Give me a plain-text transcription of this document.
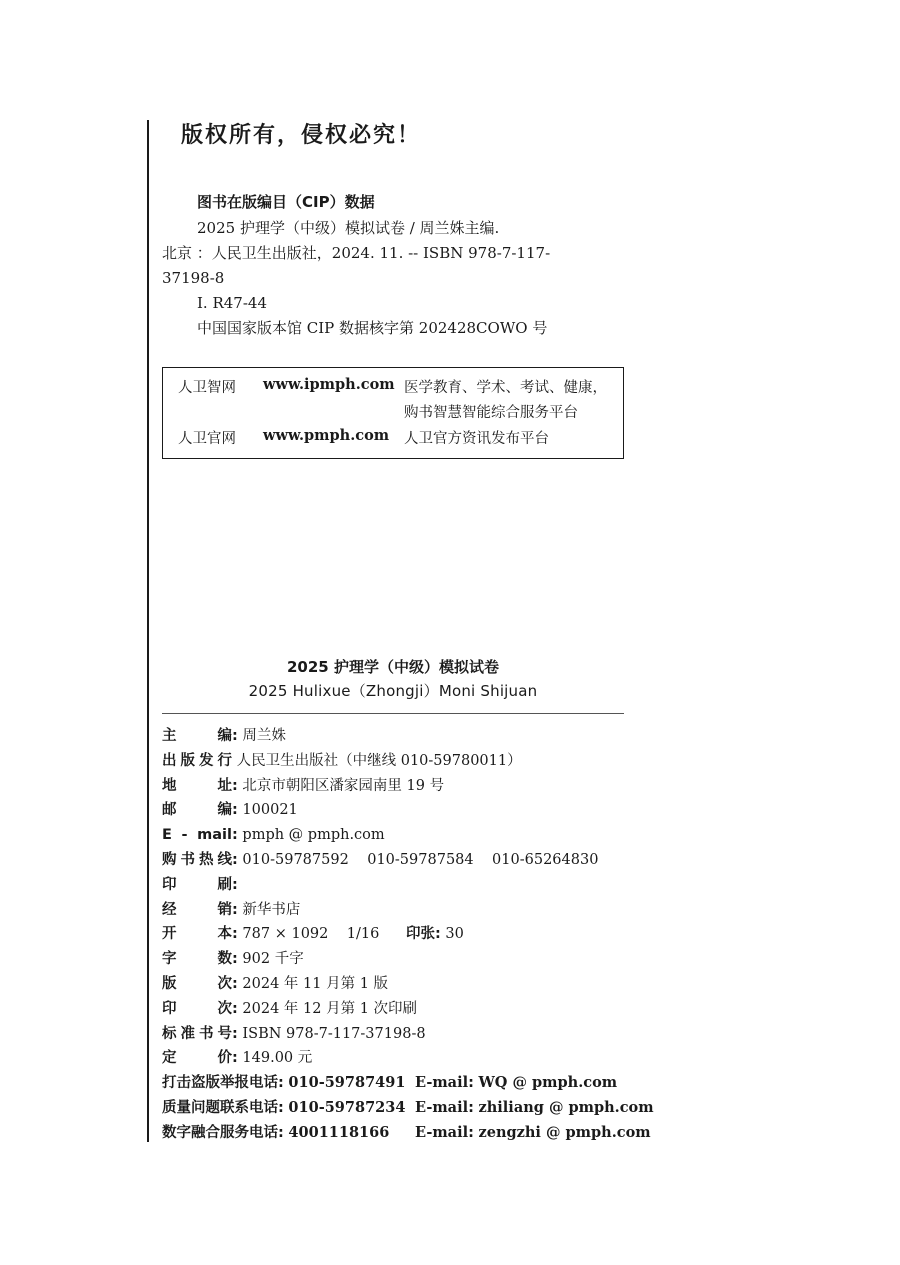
版权所有，侵权必究！
图书在版编目（CIP）数据
2025 护理学（中级）模拟试卷 / 周兰姝主编.
北京 ：人民卫生出版社，2024. 11. -- ISBN 978-7-117-
37198-8
Ⅰ. R47-44
中国国家版本馆 CIP 数据核字第 202428COWO 号
人卫智网 www.ipmph.com 医学教育、学术、考试、健康，
购书智慧智能综合服务平台
人卫官网 www.pmph.com 人卫官方资讯发布平台
2025 护理学（中级）模拟试卷
2025 Hulixue（Zhongji）Moni Shijuan
主编: 周兰姝
出版发行 人民卫生出版社（中继线 010-59780011）
地址: 北京市朝阳区潘家园南里 19 号
邮编: 100021
E - mail: pmph @ pmph.com
购书热线: 010-59787592    010-59787584    010-65264830
印刷:
经销: 新华书店
开本: 787 × 1092    1/16 印张: 30
字数: 902 千字
版次: 2024 年 11 月第 1 版
印次: 2024 年 12 月第 1 次印刷
标准书号: ISBN 978-7-117-37198-8
定价: 149.00 元
打击盗版举报电话: 010-59787491 E-mail: WQ @ pmph.com
质量问题联系电话: 010-59787234 E-mail: zhiliang @ pmph.com
数字融合服务电话: 4001118166 E-mail: zengzhi @ pmph.com
